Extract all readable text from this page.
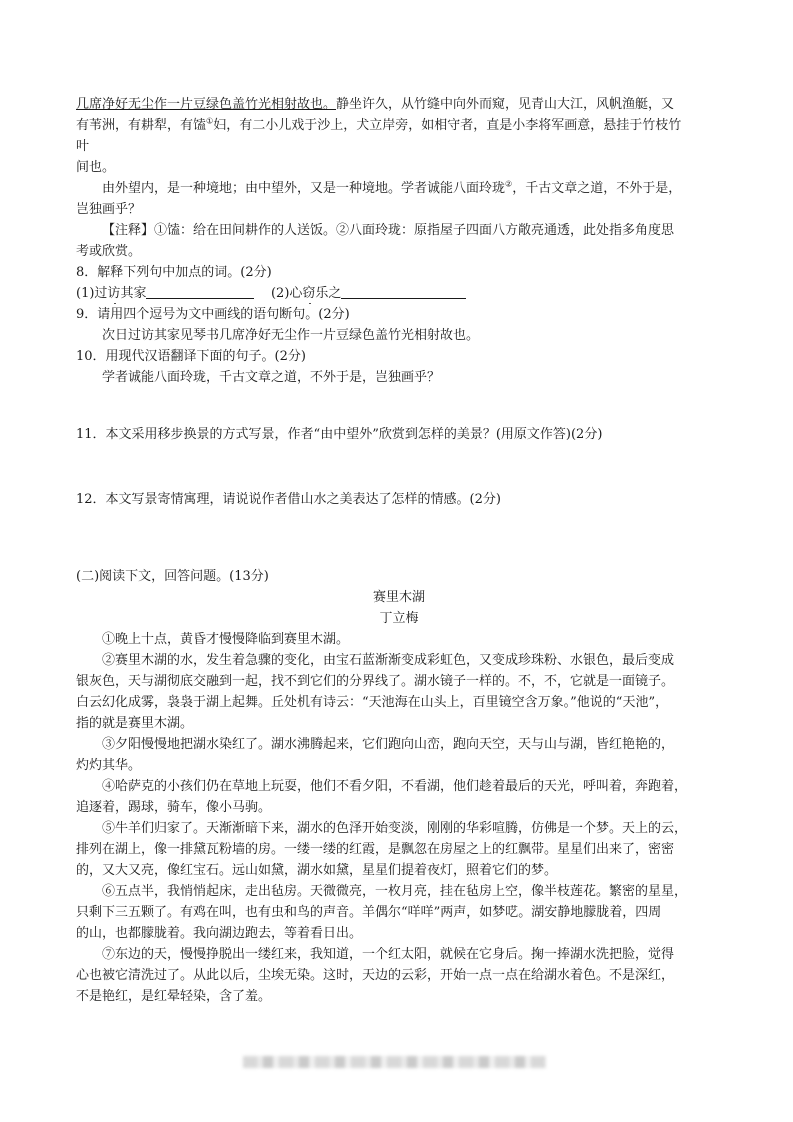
几席净好无尘作一片豆绿色盖竹光相射故也。静坐许久，从竹缝中向外而窥，见青山大江，风帆渔艇，又
有苇洲，有耕犁，有馌①妇，有二小儿戏于沙上，犬立岸旁，如相守者，直是小李将军画意，悬挂于竹枝竹
叶
间也。
由外望内，是一种境地；由中望外，又是一种境地。学者诚能八面玲珑②，千古文章之道，不外于是，
岂独画乎？
【注释】①馌：给在田间耕作的人送饭。②八面玲珑：原指屋子四面八方敞亮通透，此处指多角度思
考或欣赏。
8．解释下列句中加点的词。(2分)
(1)过访其家	(2)心窃乐之
9．请用四个逗号为文中画线的语句断句。(2分)
次日过访其家见琴书几席净好无尘作一片豆绿色盖竹光相射故也。
10．用现代汉语翻译下面的句子。(2分)
学者诚能八面玲珑，千古文章之道，不外于是，岂独画乎？
11．本文采用移步换景的方式写景，作者“由中望外”欣赏到怎样的美景？(用原文作答)(2分)
12．本文写景寄情寓理，请说说作者借山水之美表达了怎样的情感。(2分)
(二)阅读下文，回答问题。(13分)
赛里木湖
丁立梅
①晚上十点，黄昏才慢慢降临到赛里木湖。
②赛里木湖的水，发生着急骤的变化，由宝石蓝渐渐变成彩虹色，又变成珍珠粉、水银色，最后变成
银灰色，天与湖彻底交融到一起，找不到它们的分界线了。湖水镜子一样的。不，不，它就是一面镜子。
白云幻化成雾，袅袅于湖上起舞。丘处机有诗云：“天池海在山头上，百里镜空含万象。”他说的“天池”，
指的就是赛里木湖。
③夕阳慢慢地把湖水染红了。湖水沸腾起来，它们跑向山峦，跑向天空，天与山与湖，皆红艳艳的，
灼灼其华。
④哈萨克的小孩们仍在草地上玩耍，他们不看夕阳，不看湖，他们趁着最后的天光，呼叫着，奔跑着，
追逐着，踢球，骑车，像小马驹。
⑤牛羊们归家了。天渐渐暗下来，湖水的色泽开始变淡，刚刚的华彩喧腾，仿佛是一个梦。天上的云，
排列在湖上，像一排黛瓦粉墙的房。一缕一缕的红霞，是飘忽在房屋之上的红飘带。星星们出来了，密密
的，又大又亮，像红宝石。远山如黛，湖水如黛，星星们提着夜灯，照着它们的梦。
⑥五点半，我悄悄起床，走出毡房。天微微亮，一枚月亮，挂在毡房上空，像半枝莲花。繁密的星星，
只剩下三五颗了。有鸡在叫，也有虫和鸟的声音。羊偶尔“咩咩”两声，如梦呓。湖安静地朦胧着，四周
的山，也都朦胧着。我向湖边跑去，等着看日出。
⑦东边的天，慢慢挣脱出一缕红来，我知道，一个红太阳，就候在它身后。掬一捧湖水洗把脸，觉得
心也被它清洗过了。从此以后，尘埃无染。这时，天边的云彩，开始一点一点在给湖水着色。不是深红，
不是艳红，是红晕轻染，含了羞。
